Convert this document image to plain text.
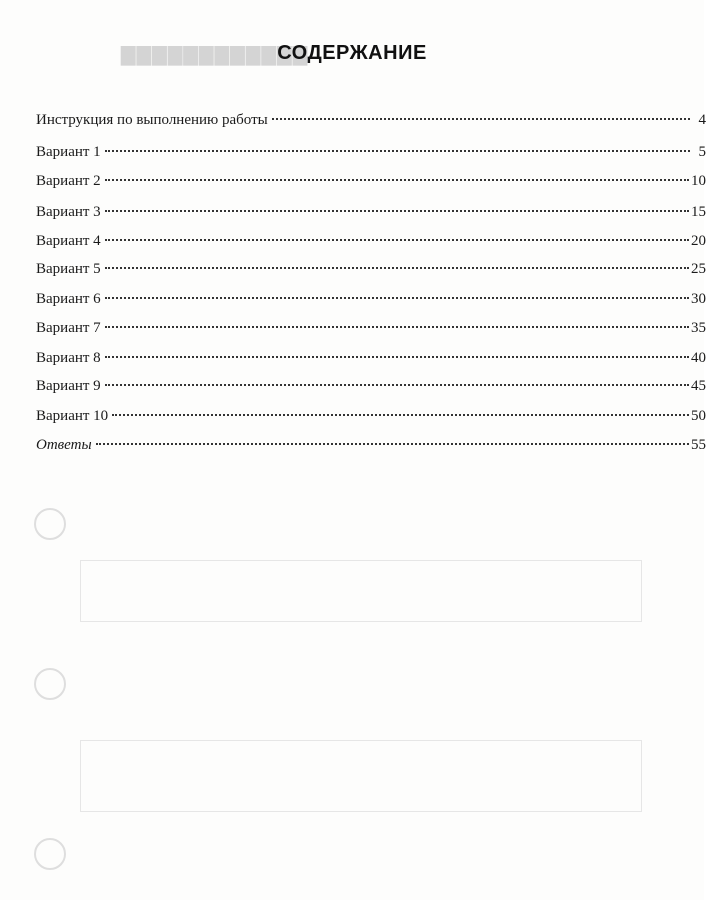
▇▇▇▇▇▇▇▇▇▇▇▇
СОДЕРЖАНИЕ
Инструкция по выполнению работы	4
Вариант 1	5
Вариант 2	10
Вариант 3	15
Вариант 4	20
Вариант 5	25
Вариант 6	30
Вариант 7	35
Вариант 8	40
Вариант 9	45
Вариант 10	50
Ответы	55
